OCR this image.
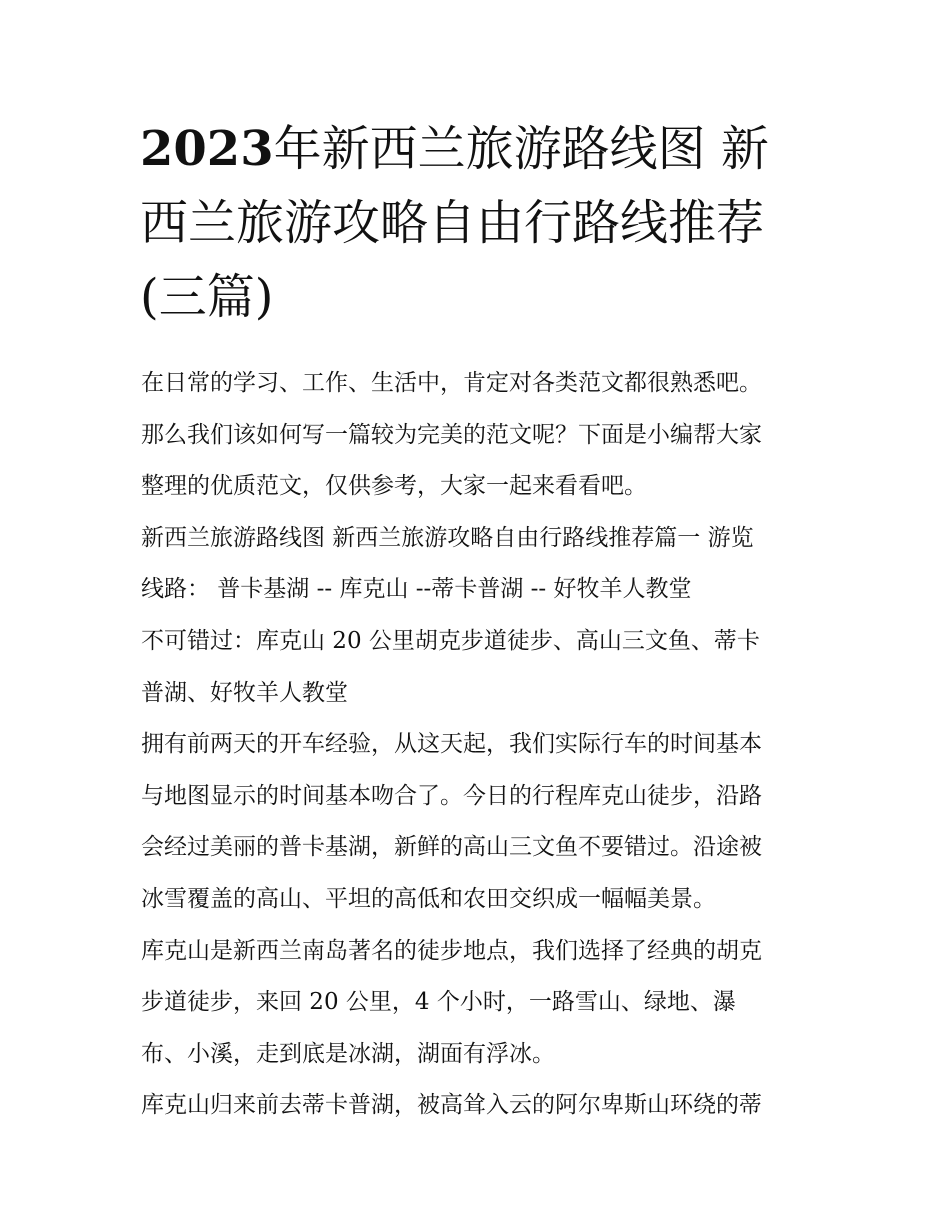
2023年新西兰旅游路线图 新
西兰旅游攻略自由行路线推荐
(三篇)
在日常的学习、工作、生活中，肯定对各类范文都很熟悉吧。
那么我们该如何写一篇较为完美的范文呢？下面是小编帮大家
整理的优质范文，仅供参考，大家一起来看看吧。
新西兰旅游路线图 新西兰旅游攻略自由行路线推荐篇一 游览
线路： 普卡基湖 -- 库克山 --蒂卡普湖 -- 好牧羊人教堂
不可错过：库克山 20 公里胡克步道徒步、高山三文鱼、蒂卡
普湖、好牧羊人教堂
拥有前两天的开车经验，从这天起，我们实际行车的时间基本
与地图显示的时间基本吻合了。今日的行程库克山徒步，沿路
会经过美丽的普卡基湖，新鲜的高山三文鱼不要错过。沿途被
冰雪覆盖的高山、平坦的高低和农田交织成一幅幅美景。
库克山是新西兰南岛著名的徒步地点，我们选择了经典的胡克
步道徒步，来回 20 公里，4 个小时，一路雪山、绿地、瀑
布、小溪，走到底是冰湖，湖面有浮冰。
库克山归来前去蒂卡普湖，被高耸入云的阿尔卑斯山环绕的蒂
